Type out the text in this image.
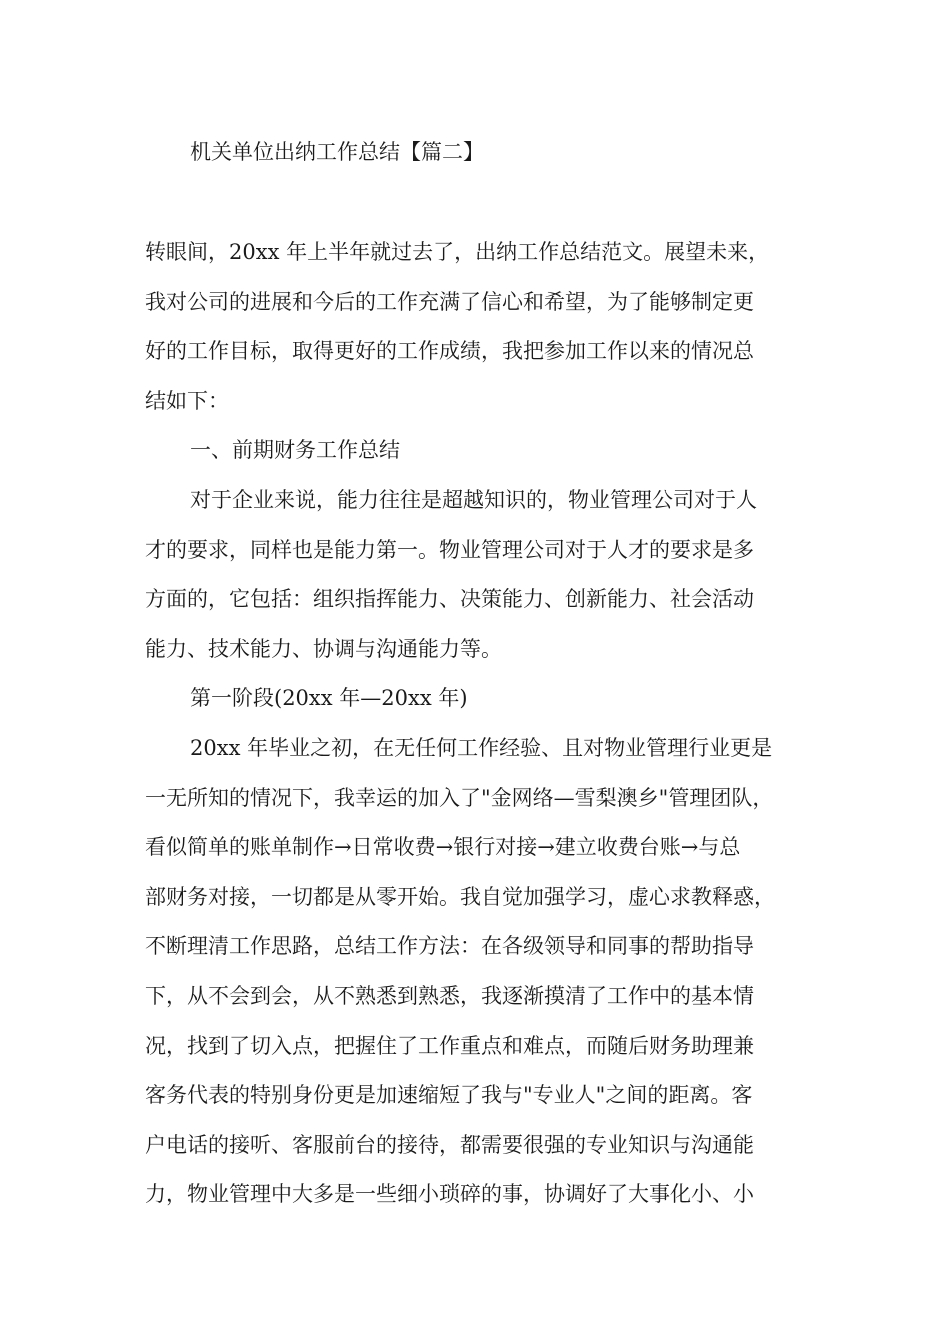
机关单位出纳工作总结【篇二】

转眼间，20xx 年上半年就过去了，出纳工作总结范文。展望未来，

我对公司的进展和今后的工作充满了信心和希望，为了能够制定更

好的工作目标，取得更好的工作成绩，我把参加工作以来的情况总

结如下：

一、前期财务工作总结

对于企业来说，能力往往是超越知识的，物业管理公司对于人

才的要求，同样也是能力第一。物业管理公司对于人才的要求是多

方面的，它包括：组织指挥能力、决策能力、创新能力、社会活动

能力、技术能力、协调与沟通能力等。

第一阶段(20xx 年—20xx 年)

20xx 年毕业之初，在无任何工作经验、且对物业管理行业更是

一无所知的情况下，我幸运的加入了"金网络—雪梨澳乡"管理团队，

看似简单的账单制作→日常收费→银行对接→建立收费台账→与总

部财务对接，一切都是从零开始。我自觉加强学习，虚心求教释惑，

不断理清工作思路，总结工作方法：在各级领导和同事的帮助指导

下，从不会到会，从不熟悉到熟悉，我逐渐摸清了工作中的基本情

况，找到了切入点，把握住了工作重点和难点，而随后财务助理兼

客务代表的特别身份更是加速缩短了我与"专业人"之间的距离。客

户电话的接听、客服前台的接待，都需要很强的专业知识与沟通能

力，物业管理中大多是一些细小琐碎的事，协调好了大事化小、小
